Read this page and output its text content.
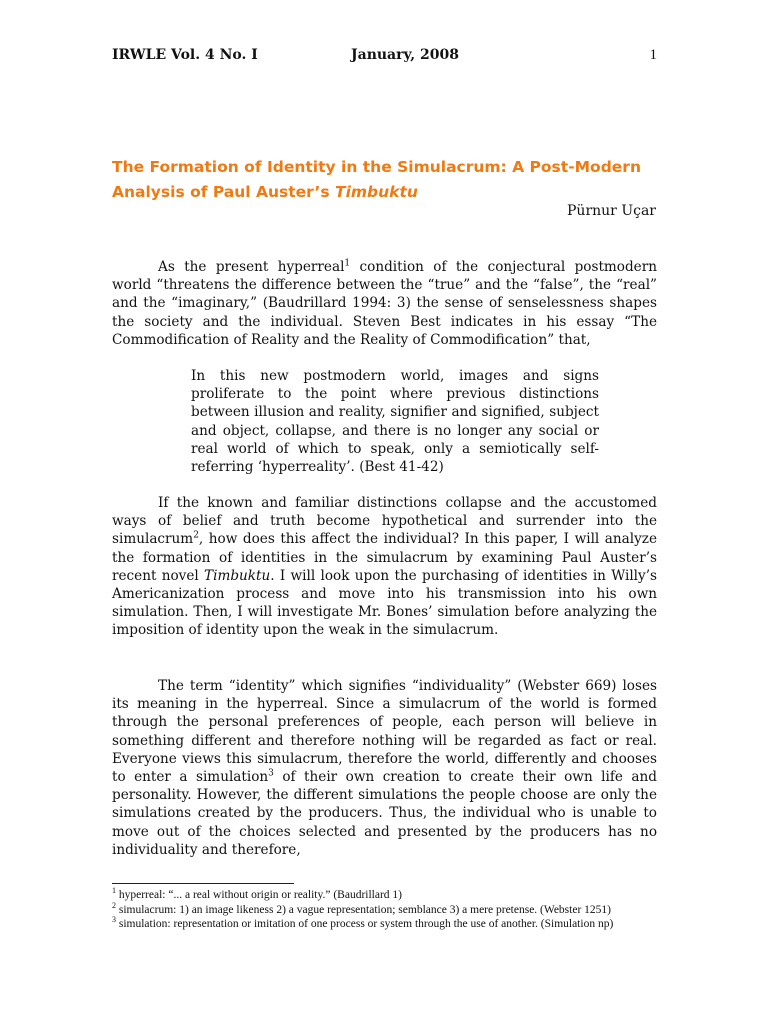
IRWLE Vol. 4 No. I	January, 2008	1
The Formation of Identity in the Simulacrum: A Post-Modern Analysis of Paul Auster’s Timbuktu
Pürnur Uçar
As the present hyperreal$^1$ condition of the conjectural postmodern world “threatens the difference between the “true” and the “false”, the “real” and the “imaginary,” (Baudrillard 1994: 3) the sense of senselessness shapes the society and the individual. Steven Best indicates in his essay “The Commodification of Reality and the Reality of Commodification” that,
In this new postmodern world, images and signs proliferate to the point where previous distinctions between illusion and reality, signifier and signified, subject and object, collapse, and there is no longer any social or real world of which to speak, only a semiotically self-referring ‘hyperreality’. (Best 41-42)
If the known and familiar distinctions collapse and the accustomed ways of belief and truth become hypothetical and surrender into the simulacrum$^2$, how does this affect the individual? In this paper, I will analyze the formation of identities in the simulacrum by examining Paul Auster’s recent novel Timbuktu. I will look upon the purchasing of identities in Willy’s Americanization process and move into his transmission into his own simulation. Then, I will investigate Mr. Bones’ simulation before analyzing the imposition of identity upon the weak in the simulacrum.
The term “identity” which signifies “individuality” (Webster 669) loses its meaning in the hyperreal. Since a simulacrum of the world is formed through the personal preferences of people, each person will believe in something different and therefore nothing will be regarded as fact or real. Everyone views this simulacrum, therefore the world, differently and chooses to enter a simulation$^3$ of their own creation to create their own life and personality. However, the different simulations the people choose are only the simulations created by the producers. Thus, the individual who is unable to move out of the choices selected and presented by the producers has no individuality and therefore,

$^1$ hyperreal: “... a real without origin or reality.” (Baudrillard 1)

$^2$ simulacrum: 1) an image likeness 2) a vague representation; semblance 3) a mere pretense. (Webster 1251)

$^3$ simulation: representation or imitation of one process or system through the use of another. (Simulation np)
